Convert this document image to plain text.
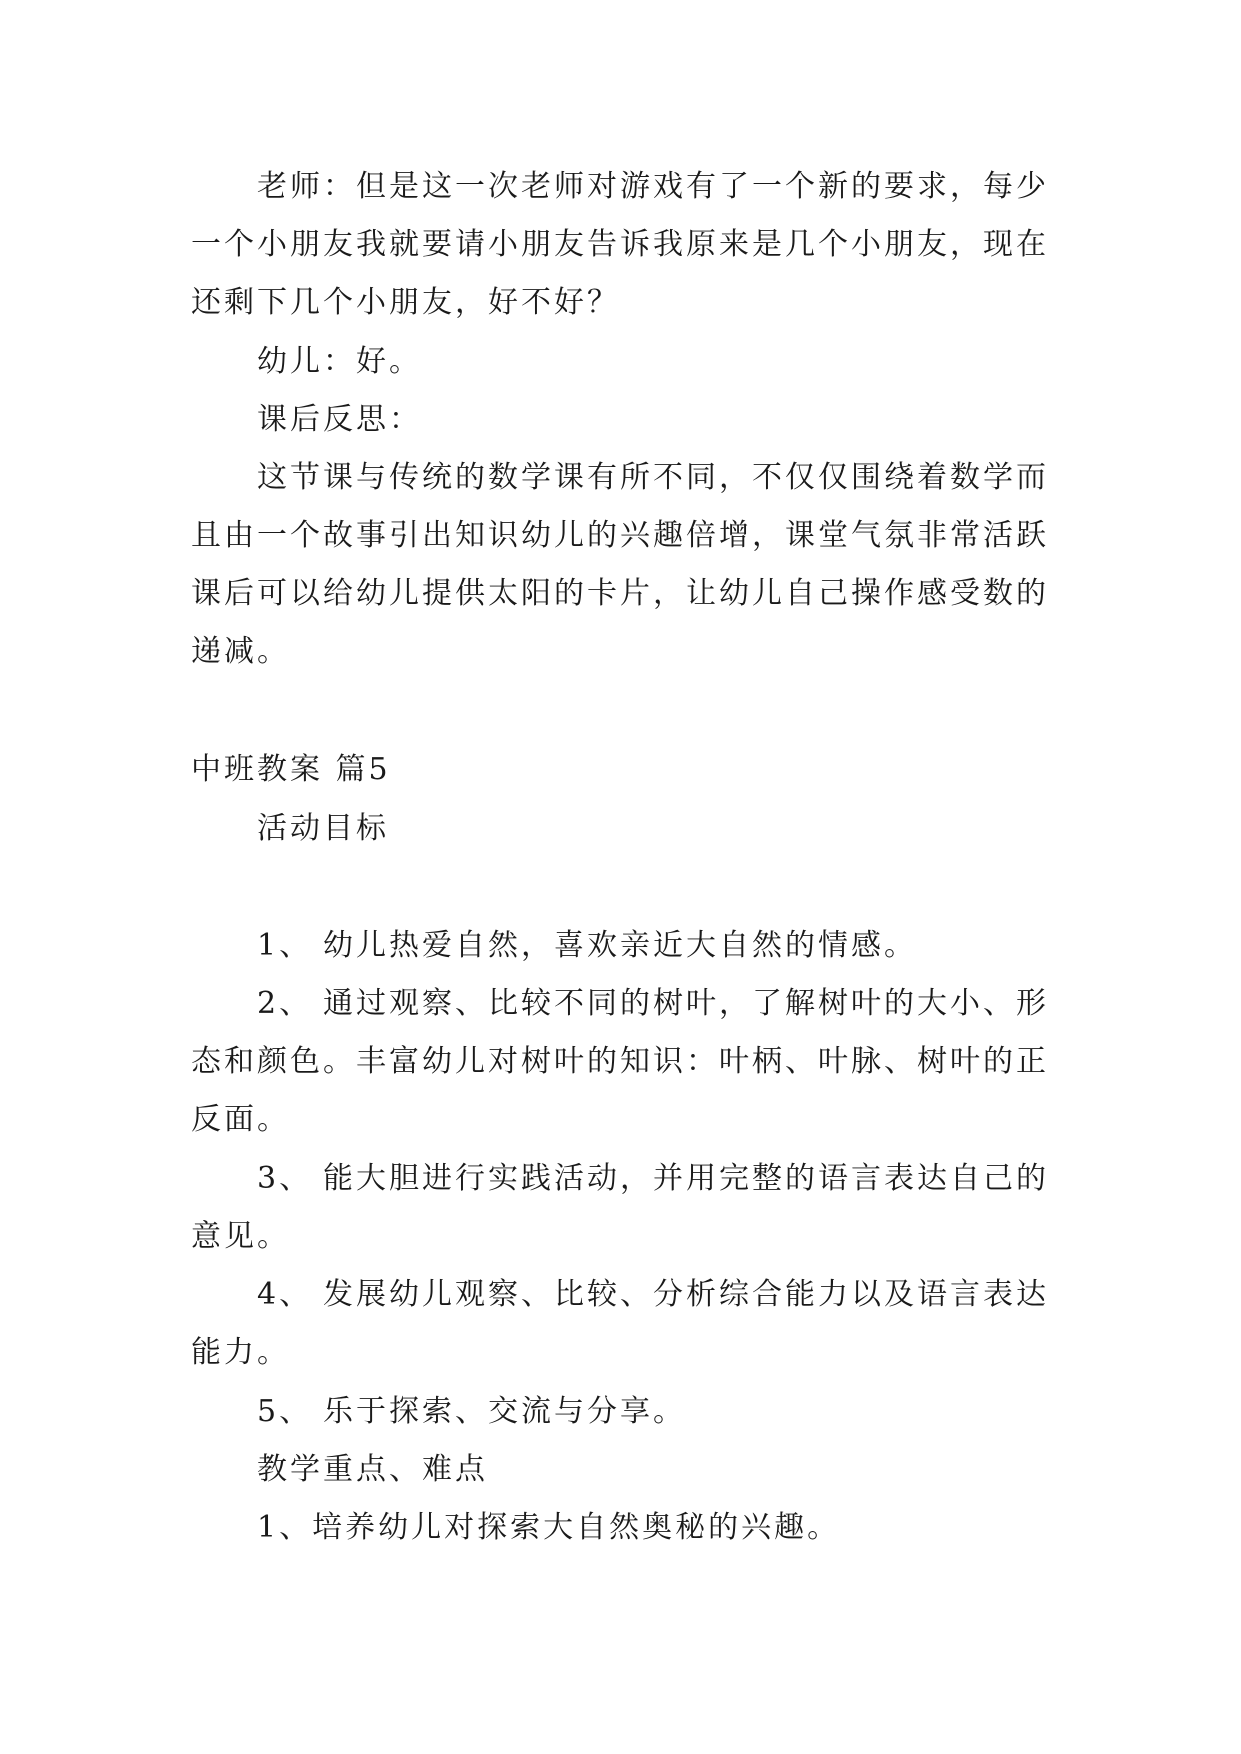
老师：但是这一次老师对游戏有了一个新的要求，每少一个小朋友我就要请小朋友告诉我原来是几个小朋友，现在还剩下几个小朋友，好不好？
幼儿：好。
课后反思：
这节课与传统的数学课有所不同，不仅仅围绕着数学而且由一个故事引出知识幼儿的兴趣倍增，课堂气氛非常活跃课后可以给幼儿提供太阳的卡片，让幼儿自己操作感受数的递减。
中班教案 篇5
活动目标
1、 幼儿热爱自然，喜欢亲近大自然的情感。
2、 通过观察、比较不同的树叶，了解树叶的大小、形态和颜色。丰富幼儿对树叶的知识：叶柄、叶脉、树叶的正反面。
3、 能大胆进行实践活动，并用完整的语言表达自己的意见。
4、 发展幼儿观察、比较、分析综合能力以及语言表达能力。
5、 乐于探索、交流与分享。
教学重点、难点
1、培养幼儿对探索大自然奥秘的兴趣。
